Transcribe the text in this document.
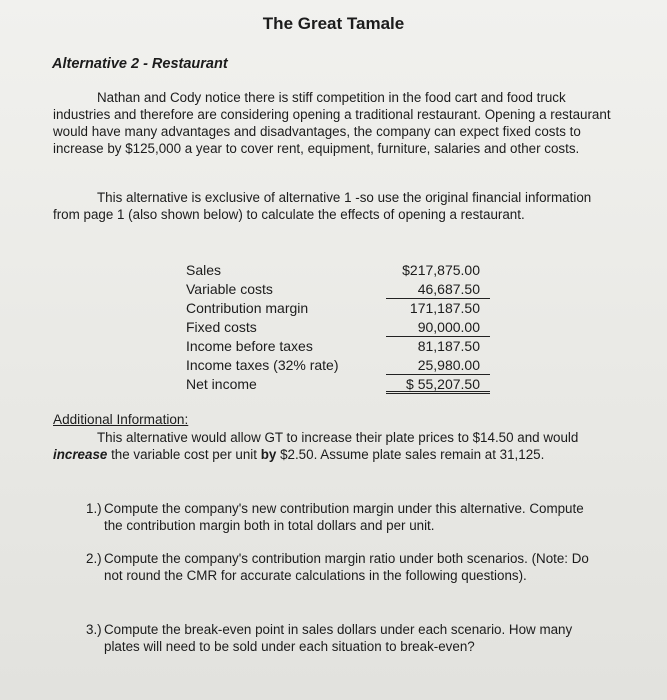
The Great Tamale
Alternative 2 - Restaurant

Nathan and Cody notice there is stiff competition in the food cart and food truck industries and therefore are considering opening a traditional restaurant. Opening a restaurant would have many advantages and disadvantages, the company can expect fixed costs to increase by $125,000 a year to cover rent, equipment, furniture, salaries and other costs.

This alternative is exclusive of alternative 1 -so use the original financial information from page 1 (also shown below) to calculate the effects of opening a restaurant.

Sales	$217,875.00
Variable costs	46,687.50
Contribution margin	171,187.50
Fixed costs	90,000.00
Income before taxes	81,187.50
Income taxes (32% rate)	25,980.00
Net income	$ 55,207.50
Additional Information:

This alternative would allow GT to increase their plate prices to $14.50 and would increase the variable cost per unit by $2.50. Assume plate sales remain at 31,125.

1.) Compute the company's new contribution margin under this alternative. Compute the contribution margin both in total dollars and per unit.
2.) Compute the company's contribution margin ratio under both scenarios. (Note: Do not round the CMR for accurate calculations in the following questions).
3.) Compute the break-even point in sales dollars under each scenario. How many plates will need to be sold under each situation to break-even?
